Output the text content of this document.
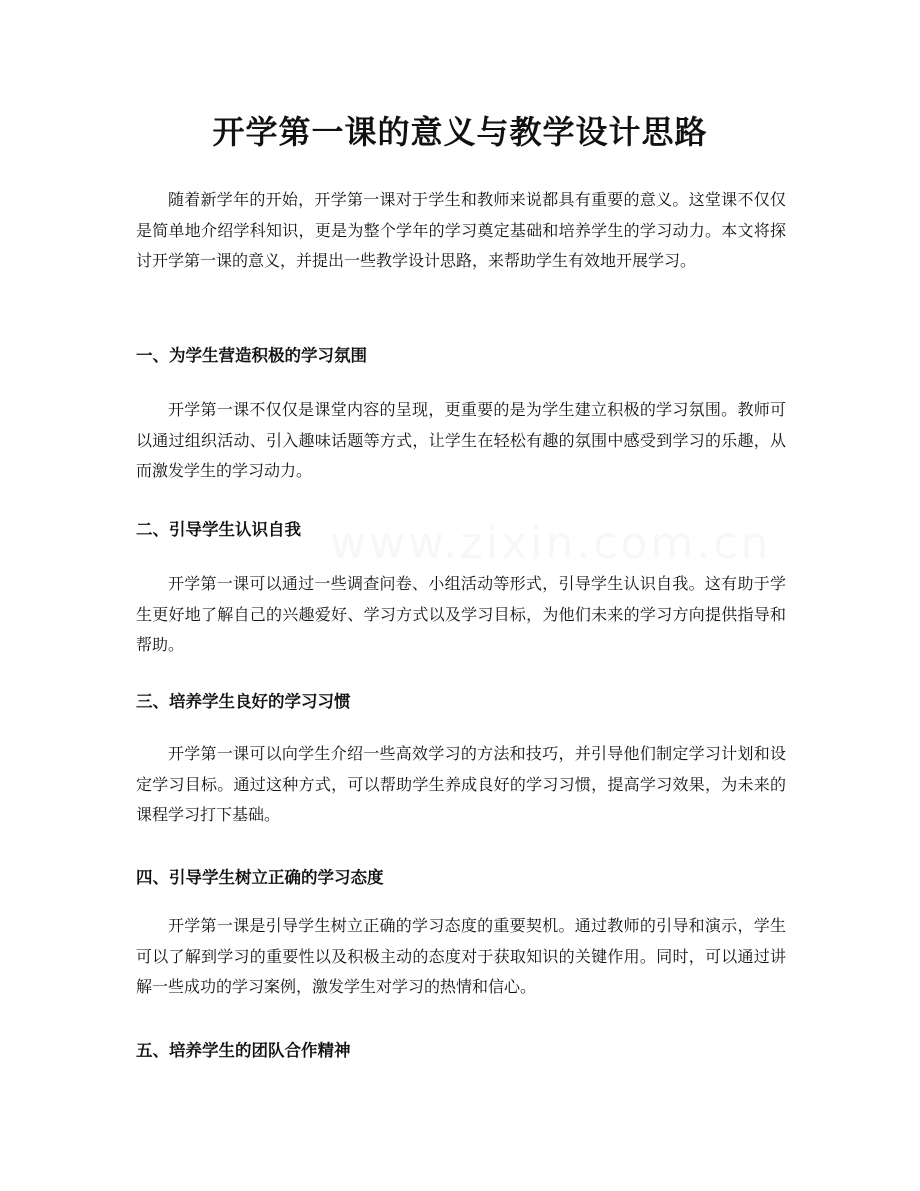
www.zixin.com.cn
开学第一课的意义与教学设计思路

随着新学年的开始，开学第一课对于学生和教师来说都具有重要的意义。这堂课不仅仅是简单地介绍学科知识，更是为整个学年的学习奠定基础和培养学生的学习动力。本文将探讨开学第一课的意义，并提出一些教学设计思路，来帮助学生有效地开展学习。

一、为学生营造积极的学习氛围

开学第一课不仅仅是课堂内容的呈现，更重要的是为学生建立积极的学习氛围。教师可以通过组织活动、引入趣味话题等方式，让学生在轻松有趣的氛围中感受到学习的乐趣，从而激发学生的学习动力。

二、引导学生认识自我

开学第一课可以通过一些调查问卷、小组活动等形式，引导学生认识自我。这有助于学生更好地了解自己的兴趣爱好、学习方式以及学习目标，为他们未来的学习方向提供指导和帮助。

三、培养学生良好的学习习惯

开学第一课可以向学生介绍一些高效学习的方法和技巧，并引导他们制定学习计划和设定学习目标。通过这种方式，可以帮助学生养成良好的学习习惯，提高学习效果，为未来的课程学习打下基础。

四、引导学生树立正确的学习态度

开学第一课是引导学生树立正确的学习态度的重要契机。通过教师的引导和演示，学生可以了解到学习的重要性以及积极主动的态度对于获取知识的关键作用。同时，可以通过讲解一些成功的学习案例，激发学生对学习的热情和信心。

五、培养学生的团队合作精神
